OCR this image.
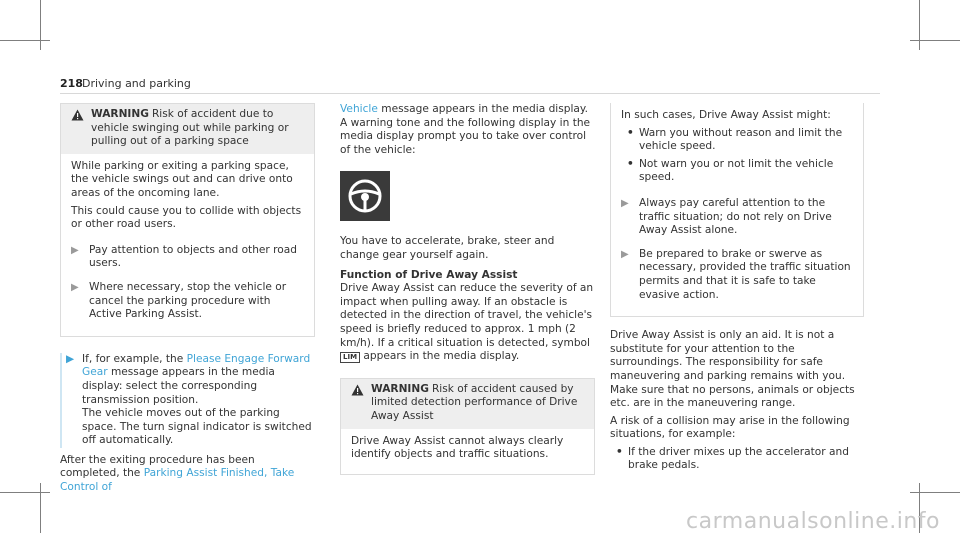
218 Driving and parking
WARNING Risk of accident due to vehicle swinging out while parking or pulling out of a parking space

While parking or exiting a parking space, the vehicle swings out and can drive onto areas of the oncoming lane.

This could cause you to collide with objects or other road users.

▶ Pay attention to objects and other road users.
▶ Where necessary, stop the vehicle or cancel the parking procedure with Active Parking Assist.
▶ If, for example, the Please Engage Forward Gear message appears in the media display: select the corresponding transmission position.
The vehicle moves out of the parking space. The turn signal indicator is switched off automatically.

After the exiting procedure has been completed, the Parking Assist Finished, Take Control of

Vehicle message appears in the media display. A warning tone and the following display in the media display prompt you to take over control of the vehicle:

You have to accelerate, brake, steer and change gear yourself again.

Function of Drive Away Assist

Drive Away Assist can reduce the severity of an impact when pulling away. If an obstacle is detected in the direction of travel, the vehicle's speed is briefly reduced to approx. 1 mph (2 km/h). If a critical situation is detected, symbol LIM appears in the media display.

WARNING Risk of accident caused by limited detection performance of Drive Away Assist

Drive Away Assist cannot always clearly identify objects and traffic situations.

In such cases, Drive Away Assist might:

• Warn you without reason and limit the vehicle speed.
• Not warn you or not limit the vehicle speed.
▶ Always pay careful attention to the traffic situation; do not rely on Drive Away Assist alone.
▶ Be prepared to brake or swerve as necessary, provided the traffic situation permits and that it is safe to take evasive action.

Drive Away Assist is only an aid. It is not a substitute for your attention to the surroundings. The responsibility for safe maneuvering and parking remains with you. Make sure that no persons, animals or objects etc. are in the maneuvering range.

A risk of a collision may arise in the following situations, for example:

• If the driver mixes up the accelerator and brake pedals.
carmanualsonline.info
